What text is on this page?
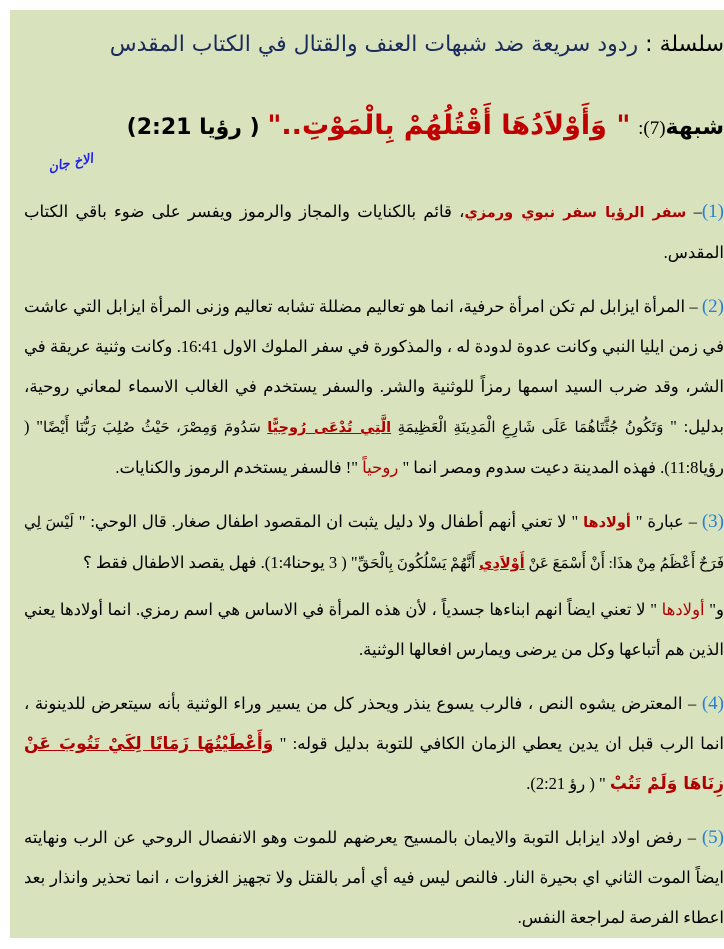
سلسلة : ردود سريعة ضد شبهات العنف والقتال في الكتاب المقدس
شبهة(7): " وَأَوْلاَدُهَا أَقْتُلُهُمْ بِالْمَوْتِ.." ( رؤيا 2:21)
الاخ جان

(1)– سفر الرؤيا سفر نبوي ورمزي، قائم بالكنايات والمجاز والرموز ويفسر على ضوء باقي الكتاب المقدس.

(2) – المرأة ايزابل لم تكن امرأة حرفية، انما هو تعاليم مضللة تشابه تعاليم وزنى المرأة ايزابل التي عاشت في زمن ايليا النبي وكانت عدوة لدودة له ، والمذكورة في سفر الملوك الاول 16:41. وكانت وثنية عريقة في الشر، وقد ضرب السيد اسمها رمزاً للوثنية والشر. والسفر يستخدم في الغالب الاسماء لمعاني روحية، بدليل: " وَتَكُونُ جُثَّتَاهُمَا عَلَى شَارِعِ الْمَدِينَةِ الْعَظِيمَةِ الَّتِي تُدْعَى رُوحِيًّا سَدُومَ وَمِصْرَ، حَيْثُ صُلِبَ رَبُّنَا أَيْضًا" ( رؤيا11:8). فهذه المدينة دعيت سدوم ومصر انما " روحياً "! فالسفر يستخدم الرموز والكنايات.

(3) – عبارة " أولادها " لا تعني أنهم أطفال ولا دليل يثبت ان المقصود اطفال صغار. قال الوحي: " لَيْسَ لِي فَرَحٌ أَعْظَمُ مِنْ هذَا: أَنْ أَسْمَعَ عَنْ أَوْلاَدِي أَنَّهُمْ يَسْلُكُونَ بِالْحَقِّ" ( 3 يوحنا1:4). فهل يقصد الاطفال فقط ؟

و" أولادها " لا تعني ايضاً انهم ابناءها جسدياً ، لأن هذه المرأة في الاساس هي اسم رمزي. انما أولادها يعني الذين هم أتباعها وكل من يرضى ويمارس افعالها الوثنية.

(4) – المعترض يشوه النص ، فالرب يسوع ينذر ويحذر كل من يسير وراء الوثنية بأنه سيتعرض للدينونة ، انما الرب قبل ان يدين يعطي الزمان الكافي للتوبة بدليل قوله: " وَأَعْطَيْتُهَا زَمَانًا لِكَيْ تَتُوبَ عَنْ زِنَاهَا وَلَمْ تَتُبْ " ( رؤ 2:21).

(5) – رفض اولاد ايزابل التوبة والايمان بالمسيح يعرضهم للموت وهو الانفصال الروحي عن الرب ونهايته ايضاً الموت الثاني اي بحيرة النار. فالنص ليس فيه أي أمر بالقتل ولا تجهيز الغزوات ، انما تحذير وانذار بعد اعطاء الفرصة لمراجعة النفس.
